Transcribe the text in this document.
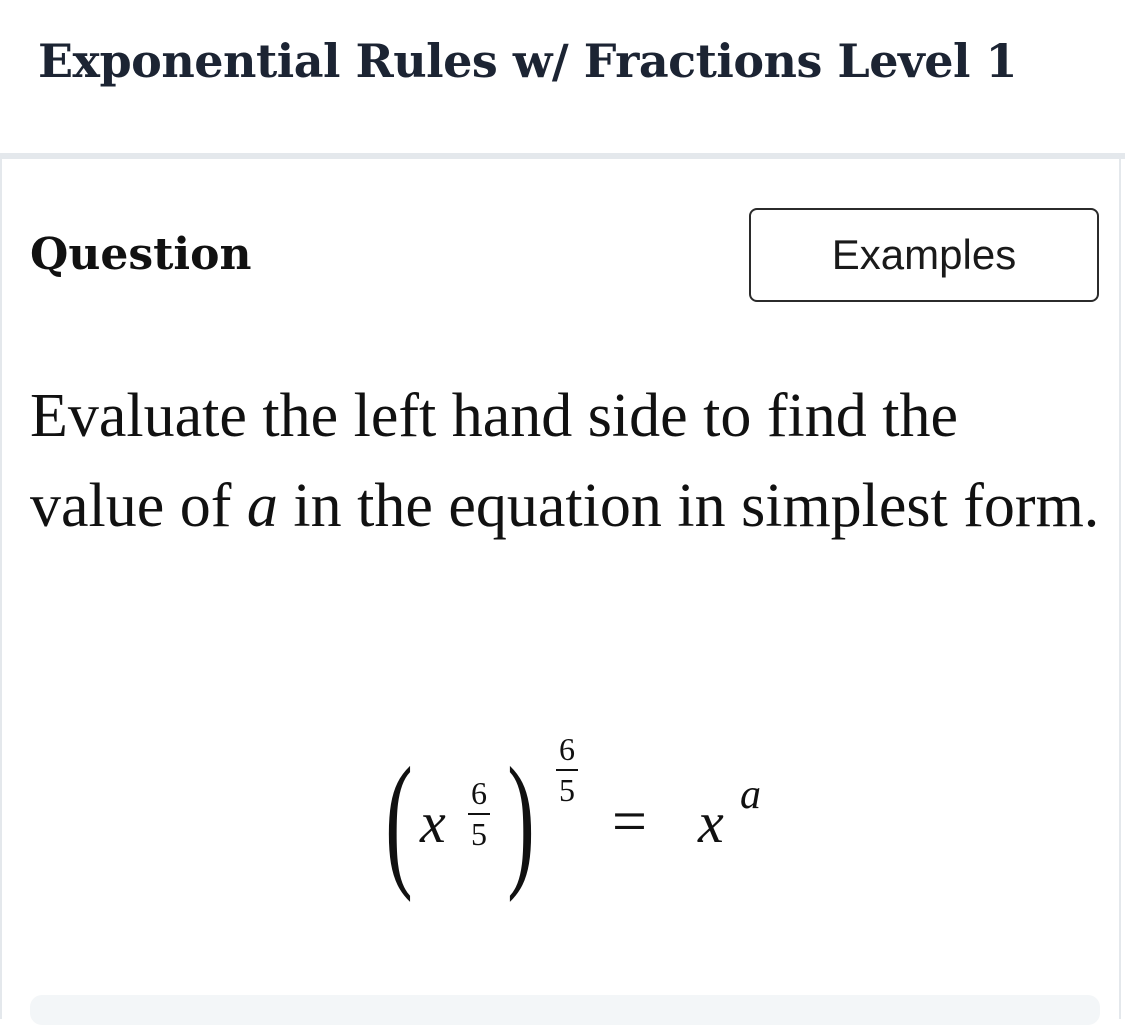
Exponential Rules w/ Fractions Level 1
Question	Examples

Evaluate the left hand side to find the value of a in the equation in simplest form.

( x 6
5 ) 6
5 = x a
